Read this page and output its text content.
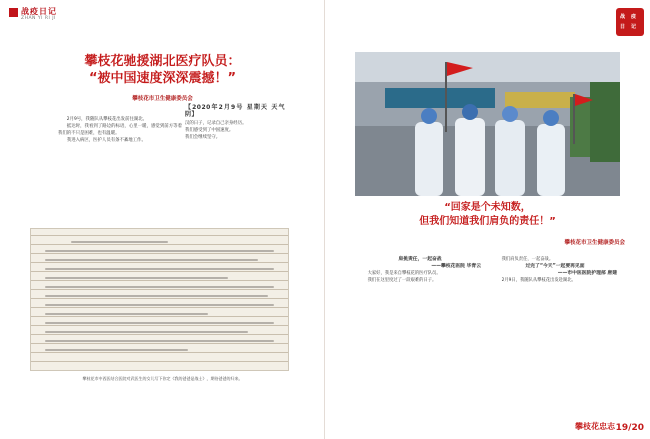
战疫日记
ZHAN YI RI JI
攀枝花驰援湖北医疗队员：
“被中国速度深深震撼！”
攀枝花市卫生健康委员会

2月9号，我随队从攀枝花出发前往湖北。

抵达时，我看到了路边的标语，心里一暖，感觉到前方等着我们的不只是困难，也有温暖。

我进入病区，医护人员有条不紊地工作。

【2020年2月9号 星期天 天气阴】

汉的日子，记录自己亲身经历。

我们感受到了中国速度。

我们会继续坚守。

攀枝花市中西医结合医院对武医生的女儿写下你定《我的爸爸是战士》，期待爸爸的归来。
战 疫
日 记
“回家是个未知数，
但我们知道我们肩负的责任！”
攀枝花市卫生健康委员会

肩挑责任，一起奋战

——攀枝花医院 毕青云

大家好，我是来自攀枝花的医疗队员。

我们在这里度过了一段艰难的日子。

我们肩负责任，一起奋战。

过完了“今天”一起要再见面

——市中医医院护理部 唐建

2月9日，我随队从攀枝花出发赴湖北。

攀枝花忠志 19/20
